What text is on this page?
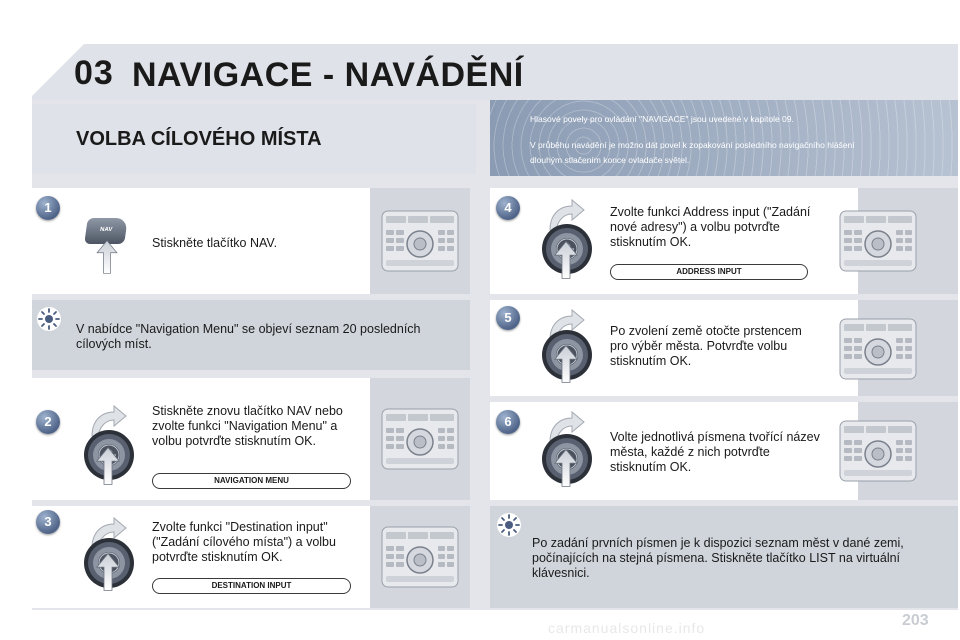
03 NAVIGACE - NAVÁDĚNÍ
VOLBA CÍLOVÉHO MÍSTA
Hlasové povely pro ovládání "NAVIGACE" jsou uvedené v kapitole 09.
V průběhu navádění je možno dát povel k zopakování posledního navigačního hlášení
dlouhým stlačením konce ovladače světel.
1
NAV
Stiskněte tlačítko NAV.
V nabídce "Navigation Menu" se objeví seznam 20 posledních cílových míst.
2
Stiskněte znovu tlačítko NAV nebo zvolte funkci "Navigation Menu" a volbu potvrďte stisknutím OK.
NAVIGATION MENU
3	Zvolte funkci "Destination input" ("Zadání cílového místa") a volbu potvrďte stisknutím OK.
DESTINATION INPUT
4	Zvolte funkci Address input ("Zadání nové adresy") a volbu potvrďte stisknutím OK.
ADDRESS INPUT
5
Po zvolení země otočte prstencem pro výběr města. Potvrďte volbu stisknutím OK.
6
Volte jednotlivá písmena tvořící název města, každé z nich potvrďte stisknutím OK.
Po zadání prvních písmen je k dispozici seznam měst v dané zemi, počínajících na stejná písmena. Stiskněte tlačítko LIST na virtuální klávesnici.
carmanualsonline.info	203
